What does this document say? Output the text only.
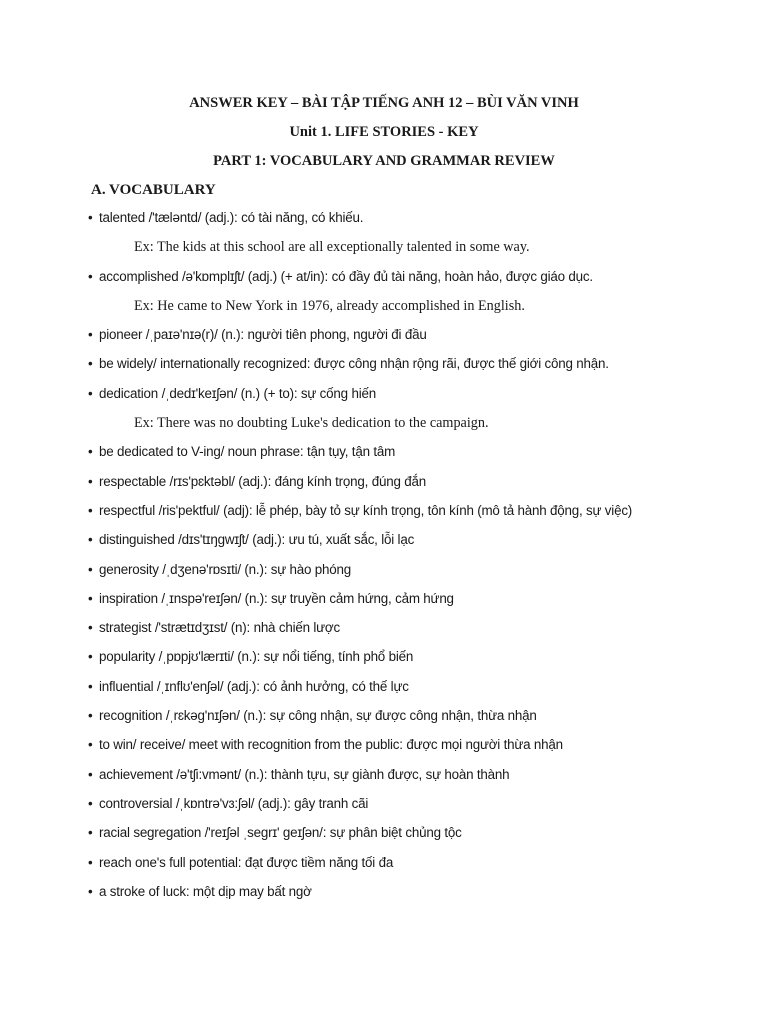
ANSWER KEY – BÀI TẬP TIẾNG ANH 12 – BÙI VĂN VINH
Unit 1. LIFE STORIES - KEY
PART 1: VOCABULARY AND GRAMMAR REVIEW
A. VOCABULARY
• talented /'tæləntd/ (adj.): có tài năng, có khiếu.
Ex: The kids at this school are all exceptionally talented in some way.
• accomplished /ə'kɒmplɪʃt/ (adj.) (+ at/in): có đầy đủ tài năng, hoàn hảo, được giáo dục.
Ex: He came to New York in 1976, already accomplished in English.
• pioneer /ˌpaɪə'nɪə(r)/ (n.): người tiên phong, người đi đầu
• be widely/ internationally recognized: được công nhận rộng rãi, được thế giới công nhận.
• dedication /ˌdedɪ'keɪʃən/ (n.) (+ to): sự cống hiến
Ex: There was no doubting Luke's dedication to the campaign.
• be dedicated to V-ing/ noun phrase: tận tụy, tận tâm
• respectable /rɪs'pɛktəbl/ (adj.): đáng kính trọng, đúng đắn
• respectful /ris'pektful/ (adj): lễ phép, bày tỏ sự kính trọng, tôn kính (mô tả hành động, sự việc)
• distinguished /dɪs'tɪŋgwɪʃt/ (adj.): ưu tú, xuất sắc, lỗi lạc
• generosity /ˌdʒenə'rɒsɪti/ (n.): sự hào phóng
• inspiration /ˌɪnspə'reɪʃən/ (n.): sự truyền cảm hứng, cảm hứng
• strategist /'strætɪdʒɪst/ (n): nhà chiến lược
• popularity /ˌpɒpjʊ'lærɪti/ (n.): sự nổi tiếng, tính phổ biến
• influential /ˌɪnflʊ'enʃəl/ (adj.): có ảnh hưởng, có thế lực
• recognition /ˌrɛkəg'nɪʃən/ (n.): sự công nhận, sự được công nhận, thừa nhận
• to win/ receive/ meet with recognition from the public: được mọi người thừa nhận
• achievement /ə'tʃi:vmənt/ (n.): thành tựu, sự giành được, sự hoàn thành
• controversial /ˌkɒntrə'vɜ:ʃəl/ (adj.): gây tranh cãi
• racial segregation /'reɪʃəl ˌsegrɪ' geɪʃən/: sự phân biệt chủng tộc
• reach one's full potential: đạt được tiềm năng tối đa
• a stroke of luck: một dịp may bất ngờ
